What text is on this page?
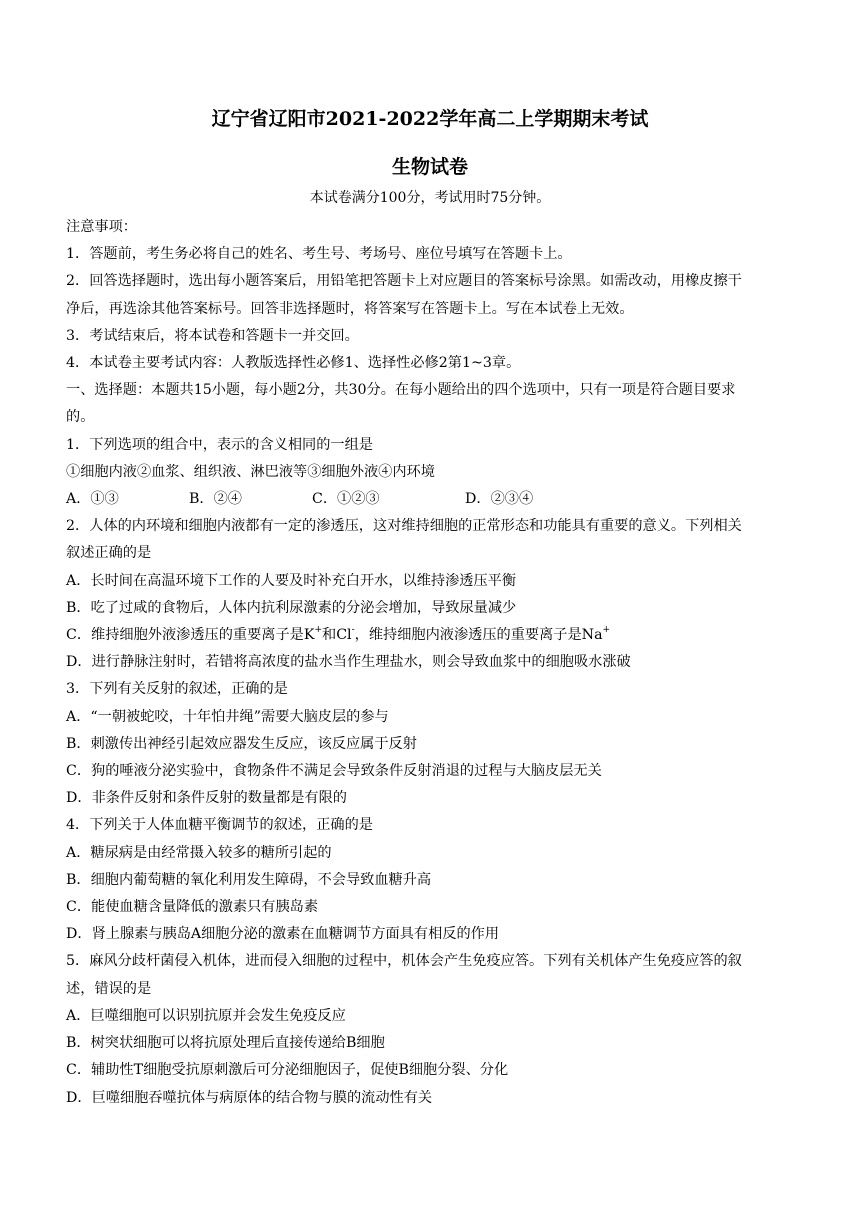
辽宁省辽阳市2021-2022学年高二上学期期末考试
生物试卷
本试卷满分100分，考试用时75分钟。

注意事项：

1．答题前，考生务必将自己的姓名、考生号、考场号、座位号填写在答题卡上。

2．回答选择题时，选出每小题答案后，用铅笔把答题卡上对应题目的答案标号涂黑。如需改动，用橡皮擦干

净后，再选涂其他答案标号。回答非选择题时，将答案写在答题卡上。写在本试卷上无效。

3．考试结束后，将本试卷和答题卡一并交回。

4．本试卷主要考试内容：人教版选择性必修1、选择性必修2第1~3章。

一、选择题：本题共15小题，每小题2分，共30分。在每小题给出的四个选项中，只有一项是符合题目要求

的。

1．下列选项的组合中，表示的含义相同的一组是

①细胞内液②血浆、组织液、淋巴液等③细胞外液④内环境

A．①③	B．②④	C．①②③	D．②③④

2．人体的内环境和细胞内液都有一定的渗透压，这对维持细胞的正常形态和功能具有重要的意义。下列相关

叙述正确的是

A．长时间在高温环境下工作的人要及时补充白开水，以维持渗透压平衡

B．吃了过咸的食物后，人体内抗利尿激素的分泌会增加，导致尿量减少

C．维持细胞外液渗透压的重要离子是K+和Cl-，维持细胞内液渗透压的重要离子是Na+

D．进行静脉注射时，若错将高浓度的盐水当作生理盐水，则会导致血浆中的细胞吸水涨破

3．下列有关反射的叙述，正确的是

A．“一朝被蛇咬，十年怕井绳”需要大脑皮层的参与

B．刺激传出神经引起效应器发生反应，该反应属于反射

C．狗的唾液分泌实验中，食物条件不满足会导致条件反射消退的过程与大脑皮层无关

D．非条件反射和条件反射的数量都是有限的

4．下列关于人体血糖平衡调节的叙述，正确的是

A．糖尿病是由经常摄入较多的糖所引起的

B．细胞内葡萄糖的氧化利用发生障碍，不会导致血糖升高

C．能使血糖含量降低的激素只有胰岛素

D．肾上腺素与胰岛A细胞分泌的激素在血糖调节方面具有相反的作用

5．麻风分歧杆菌侵入机体，进而侵入细胞的过程中，机体会产生免疫应答。下列有关机体产生免疫应答的叙

述，错误的是

A．巨噬细胞可以识别抗原并会发生免疫反应

B．树突状细胞可以将抗原处理后直接传递给B细胞

C．辅助性T细胞受抗原刺激后可分泌细胞因子，促使B细胞分裂、分化

D．巨噬细胞吞噬抗体与病原体的结合物与膜的流动性有关
